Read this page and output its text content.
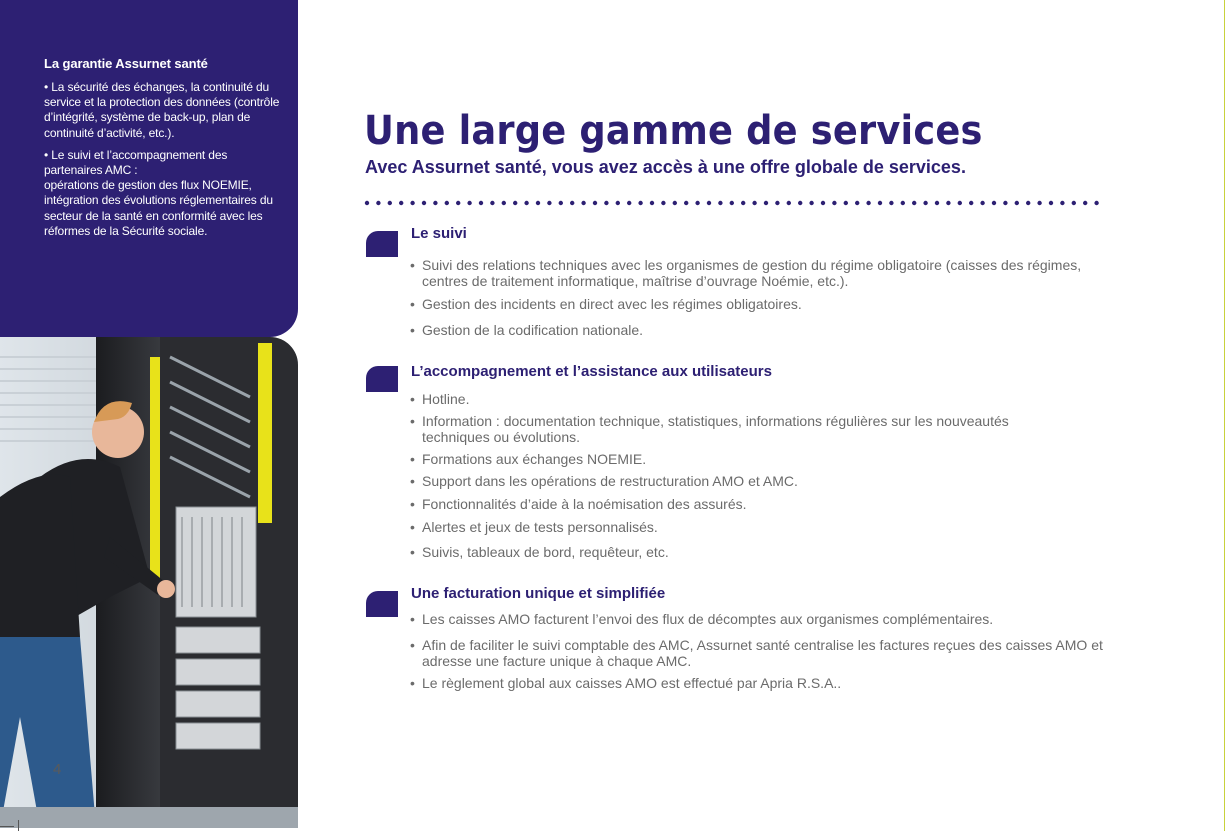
La garantie Assurnet santé
• La sécurité des échanges, la continuité du service et la protection des données (contrôle d’intégrité, système de back-up, plan de continuité d’activité, etc.).
• Le suivi et l’accompagnement des partenaires AMC :
opérations de gestion des flux NOEMIE, intégration des évolutions réglementaires du secteur de la santé en conformité avec les réformes de la Sécurité sociale.
4
Une large gamme de services
Avec Assurnet santé, vous avez accès à une offre globale de services.
Le suivi
• Suivi des relations techniques avec les organismes de gestion du régime obligatoire (caisses des régimes, centres de traitement informatique, maîtrise d’ouvrage Noémie, etc.).
• Gestion des incidents en direct avec les régimes obligatoires.
• Gestion de la codification nationale.
L’accompagnement et l’assistance aux utilisateurs
• Hotline.
• Information : documentation technique, statistiques, informations régulières sur les nouveautés techniques ou évolutions.
• Formations aux échanges NOEMIE.
• Support dans les opérations de restructuration AMO et AMC.
• Fonctionnalités d’aide à la noémisation des assurés.
• Alertes et jeux de tests personnalisés.
• Suivis, tableaux de bord, requêteur, etc.
Une facturation unique et simplifiée
• Les caisses AMO facturent l’envoi des flux de décomptes aux organismes complémentaires.
• Afin de faciliter le suivi comptable des AMC, Assurnet santé centralise les factures reçues des caisses AMO et adresse une facture unique à chaque AMC.
• Le règlement global aux caisses AMO est effectué par Apria R.S.A..
